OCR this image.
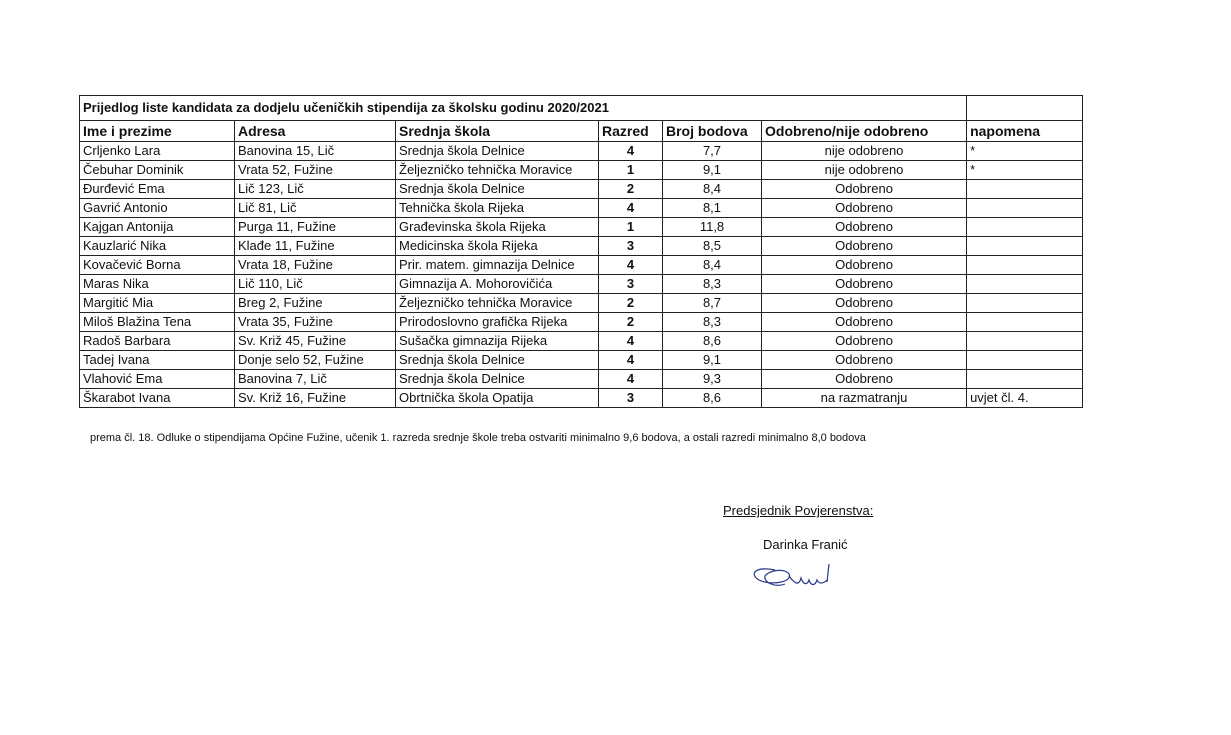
Prijedlog liste kandidata za dodjelu učeničkih stipendija za školsku godinu 2020/2021						
Ime i prezime	Adresa	Srednja škola	Razred	Broj bodova	Odobreno/nije odobreno	napomena
Crljenko Lara	Banovina 15, Lič	Srednja škola Delnice	4	7,7	nije odobreno	*
Čebuhar Dominik	Vrata 52, Fužine	Željezničko tehnička Moravice	1	9,1	nije odobreno	*
Đurđević Ema	Lič 123, Lič	Srednja škola Delnice	2	8,4	Odobreno	
Gavrić Antonio	Lič 81, Lič	Tehnička škola Rijeka	4	8,1	Odobreno	
Kajgan Antonija	Purga 11, Fužine	Građevinska škola Rijeka	1	11,8	Odobreno	
Kauzlarić Nika	Klađe 11, Fužine	Medicinska škola Rijeka	3	8,5	Odobreno	
Kovačević Borna	Vrata 18, Fužine	Prir. matem. gimnazija Delnice	4	8,4	Odobreno	
Maras Nika	Lič 110, Lič	Gimnazija A. Mohorovičića	3	8,3	Odobreno	
Margitić Mia	Breg 2, Fužine	Željezničko tehnička Moravice	2	8,7	Odobreno	
Miloš Blažina Tena	Vrata 35, Fužine	Prirodoslovno grafička Rijeka	2	8,3	Odobreno	
Radoš Barbara	Sv. Križ 45, Fužine	Sušačka gimnazija Rijeka	4	8,6	Odobreno	
Tadej Ivana	Donje selo 52, Fužine	Srednja škola Delnice	4	9,1	Odobreno	
Vlahović Ema	Banovina 7, Lič	Srednja škola Delnice	4	9,3	Odobreno	
Škarabot Ivana	Sv. Križ 16, Fužine	Obrtnička škola Opatija	3	8,6	na razmatranju	uvjet čl. 4.
prema čl. 18. Odluke o stipendijama Općine Fužine, učenik 1. razreda srednje škole treba ostvariti minimalno 9,6 bodova, a ostali razredi minimalno 8,0 bodova
Predsjednik Povjerenstva:
Darinka Franić
